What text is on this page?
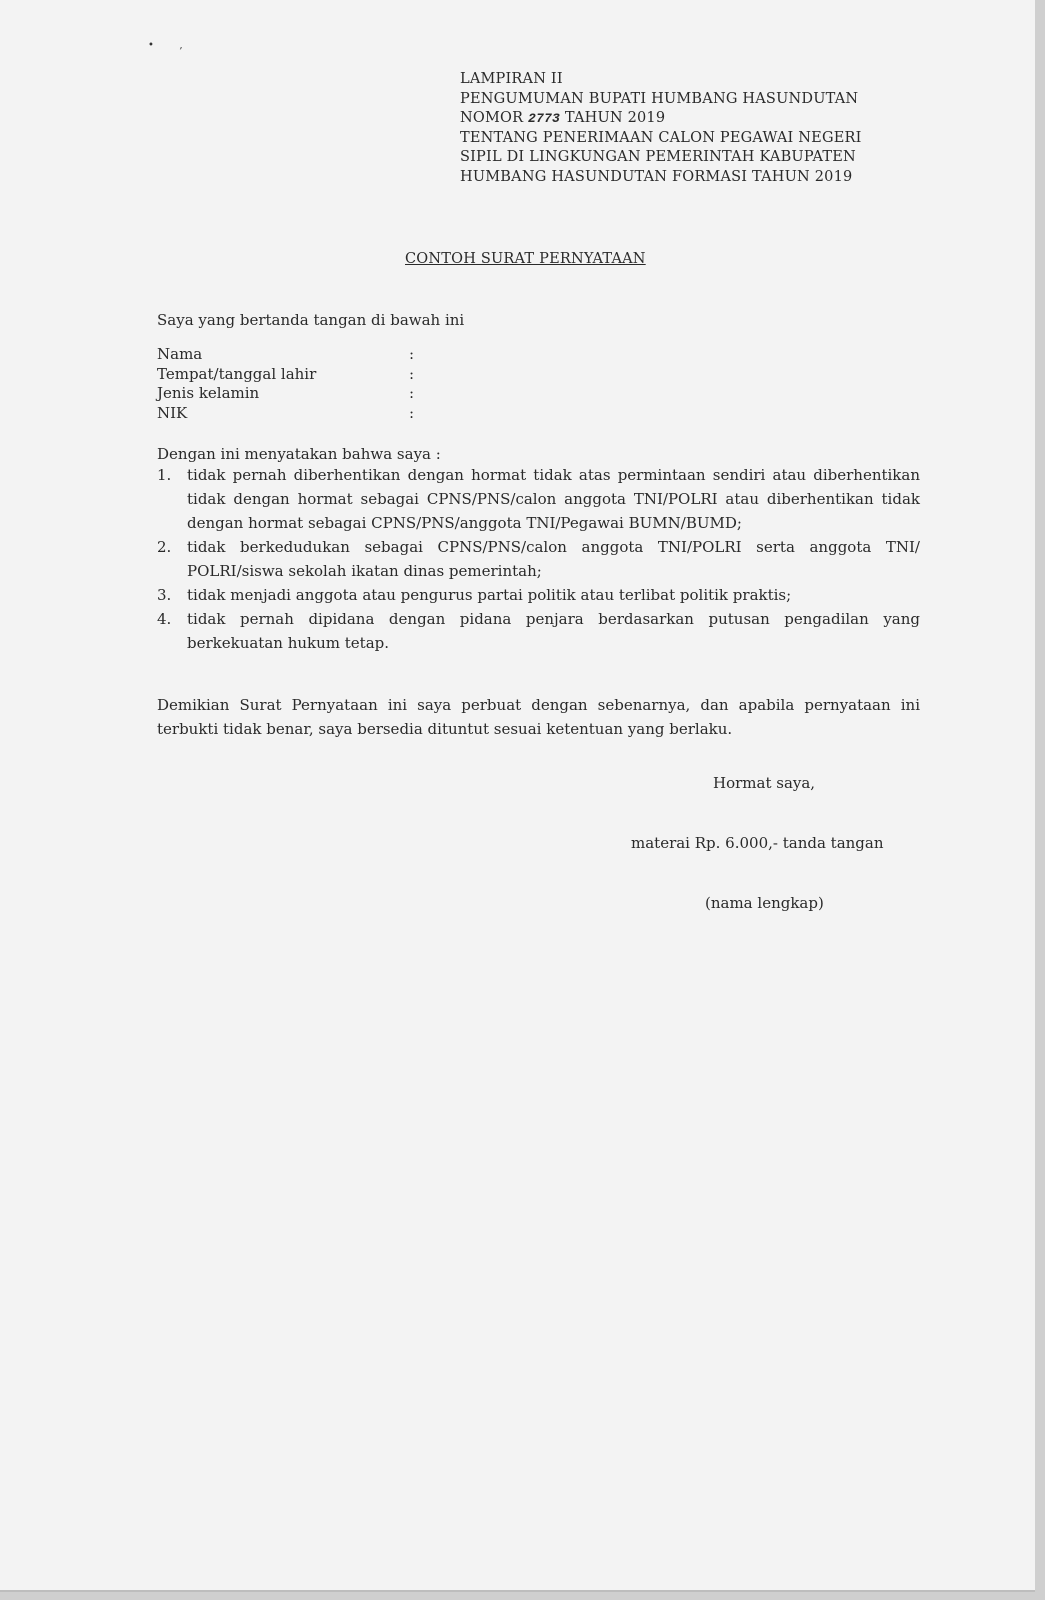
•        ‚
LAMPIRAN II
PENGUMUMAN BUPATI HUMBANG HASUNDUTAN
NOMOR 2773 TAHUN 2019
TENTANG PENERIMAAN CALON PEGAWAI NEGERI
SIPIL DI LINGKUNGAN PEMERINTAH KABUPATEN
HUMBANG HASUNDUTAN FORMASI TAHUN 2019
CONTOH SURAT PERNYATAAN
Saya yang bertanda tangan di bawah ini
Nama	:
Tempat/tanggal lahir	:
Jenis kelamin	:
NIK	:
Dengan ini menyatakan bahwa saya :
1.	tidak pernah diberhentikan dengan hormat tidak atas permintaan sendiri atau diberhentikan tidak dengan hormat sebagai CPNS/PNS/calon anggota TNI/POLRI atau diberhentikan tidak dengan hormat sebagai CPNS/PNS/anggota TNI/Pegawai BUMN/BUMD;
2.	tidak berkedudukan sebagai CPNS/PNS/calon anggota TNI/POLRI serta anggota TNI/ POLRI/siswa sekolah ikatan dinas pemerintah;
3.	tidak menjadi anggota atau pengurus partai politik atau terlibat politik praktis;
4.	tidak pernah dipidana dengan pidana penjara berdasarkan putusan pengadilan yang berkekuatan hukum tetap.
Demikian Surat Pernyataan ini saya perbuat dengan sebenarnya, dan apabila pernyataan ini terbukti tidak benar, saya bersedia dituntut sesuai ketentuan yang berlaku.
Hormat saya,
materai Rp. 6.000,- tanda tangan
(nama lengkap)
